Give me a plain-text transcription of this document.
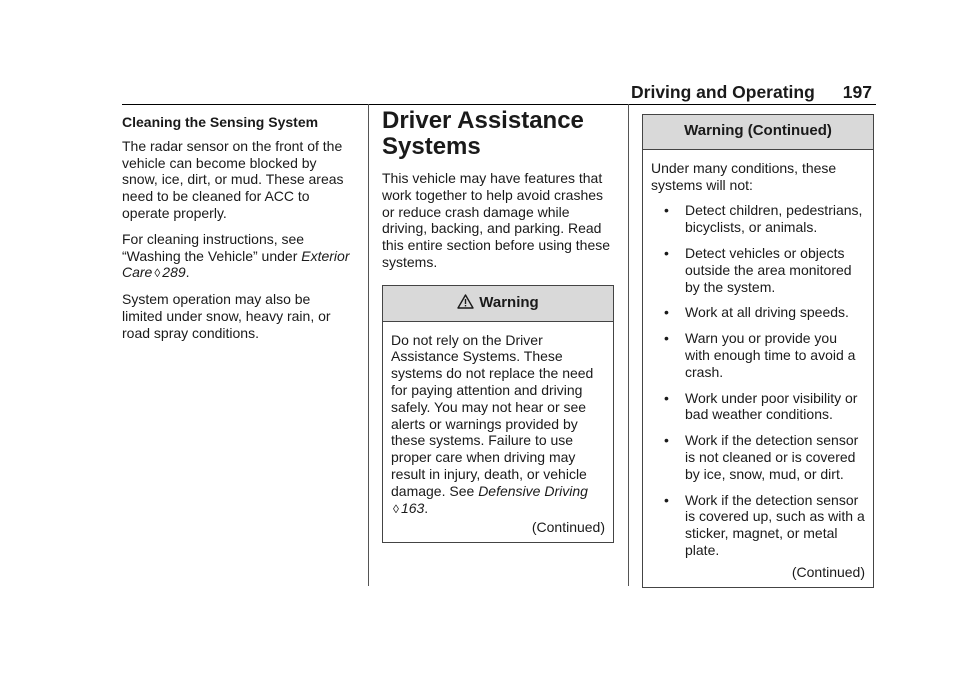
Driving and Operating 197
Cleaning the Sensing System

The radar sensor on the front of the vehicle can become blocked by snow, ice, dirt, or mud. These areas need to be cleaned for ACC to operate properly.

For cleaning instructions, see “Washing the Vehicle” under Exterior Care ◊ 289.

System operation may also be limited under snow, heavy rain, or road spray conditions.

Driver Assistance Systems

This vehicle may have features that work together to help avoid crashes or reduce crash damage while driving, backing, and parking. Read this entire section before using these systems.

Warning
Do not rely on the Driver Assistance Systems. These systems do not replace the need for paying attention and driving safely. You may not hear or see alerts or warnings provided by these systems. Failure to use proper care when driving may result in injury, death, or vehicle damage. See Defensive Driving
◊ 163.
(Continued)
Warning (Continued)

Under many conditions, these systems will not:

• Detect children, pedestrians, bicyclists, or animals.
• Detect vehicles or objects outside the area monitored by the system.
• Work at all driving speeds.
• Warn you or provide you with enough time to avoid a crash.
• Work under poor visibility or bad weather conditions.
• Work if the detection sensor is not cleaned or is covered by ice, snow, mud, or dirt.
• Work if the detection sensor is covered up, such as with a sticker, magnet, or metal plate.
(Continued)
